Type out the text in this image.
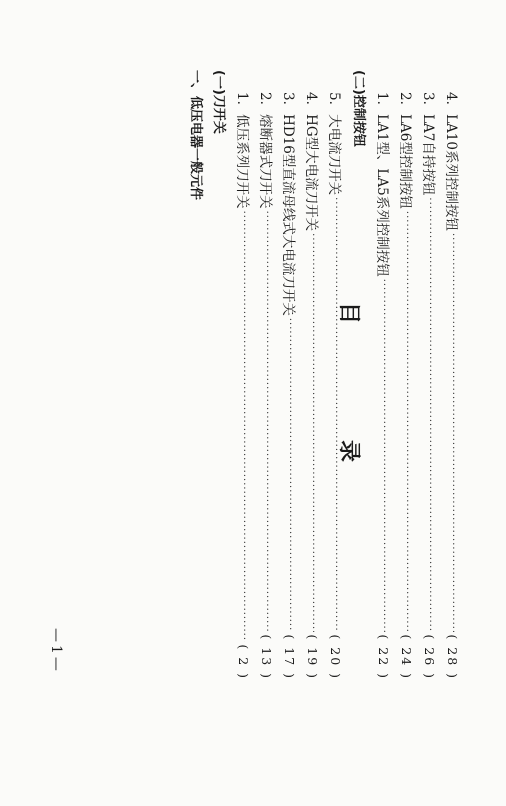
目
录
一、低压电器一般元件 (一)刀开关 1．低压系列刀开关
·····
( 2 )
2．熔断器式刀开关
·····
( 13 )
3．HD16型直流母线式大电流刀开关
·····
( 17 )
4．HG型大电流刀开关
·····
( 19 )
5．大电流刀开关
·····
( 20 )
(二)控制按钮 1．LA1型、LA5系列控制按钮
·····
( 22 )
2．LA6型控制按钮
·····
( 24 )
3．LA7自持按钮
·····
( 26 )
4．LA10系列控制按钮
·····
( 28 )
—1—
